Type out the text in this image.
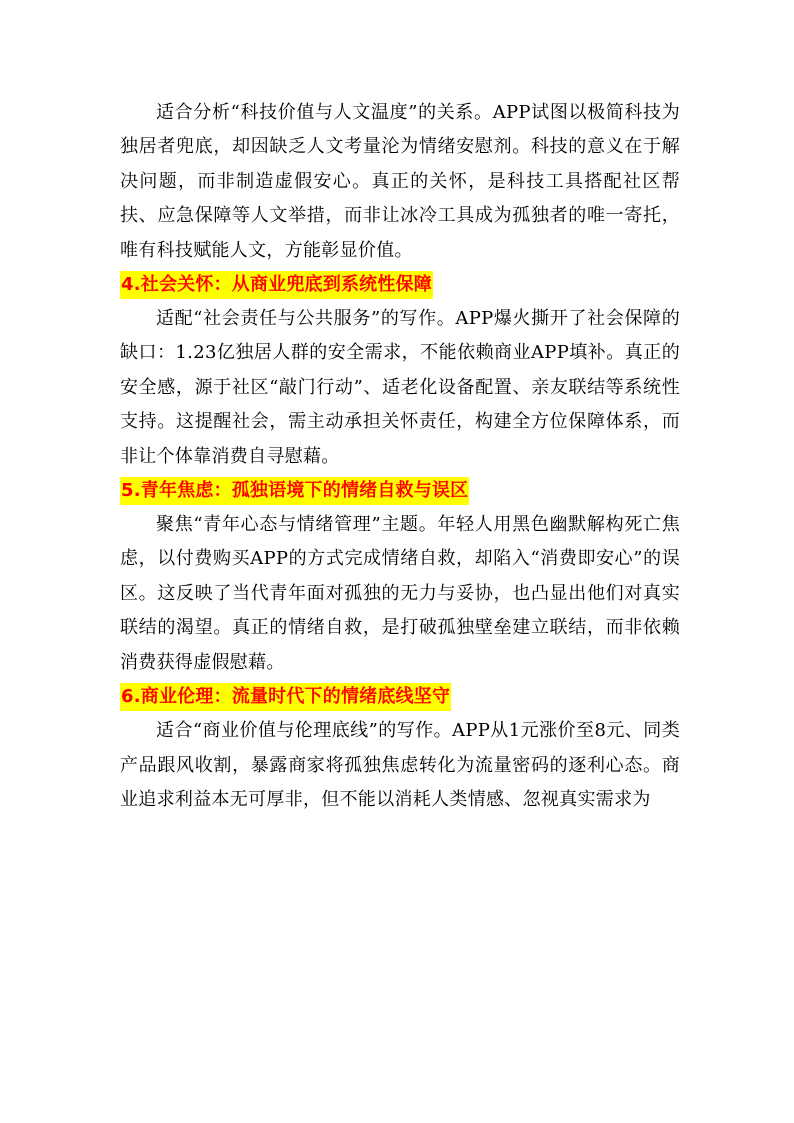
适合分析“科技价值与人文温度”的关系。APP试图以极简科技为独居者兜底，却因缺乏人文考量沦为情绪安慰剂。科技的意义在于解决问题，而非制造虚假安心。真正的关怀，是科技工具搭配社区帮扶、应急保障等人文举措，而非让冰冷工具成为孤独者的唯一寄托，唯有科技赋能人文，方能彰显价值。

4.社会关怀：从商业兜底到系统性保障

适配“社会责任与公共服务”的写作。APP爆火撕开了社会保障的缺口：1.23亿独居人群的安全需求，不能依赖商业APP填补。真正的安全感，源于社区“敲门行动”、适老化设备配置、亲友联结等系统性支持。这提醒社会，需主动承担关怀责任，构建全方位保障体系，而非让个体靠消费自寻慰藉。

5.青年焦虑：孤独语境下的情绪自救与误区

聚焦“青年心态与情绪管理”主题。年轻人用黑色幽默解构死亡焦虑，以付费购买APP的方式完成情绪自救，却陷入“消费即安心”的误区。这反映了当代青年面对孤独的无力与妥协，也凸显出他们对真实联结的渴望。真正的情绪自救，是打破孤独壁垒建立联结，而非依赖消费获得虚假慰藉。

6.商业伦理：流量时代下的情绪底线坚守

适合“商业价值与伦理底线”的写作。APP从1元涨价至8元、同类产品跟风收割，暴露商家将孤独焦虑转化为流量密码的逐利心态。商业追求利益本无可厚非，但不能以消耗人类情感、忽视真实需求为
